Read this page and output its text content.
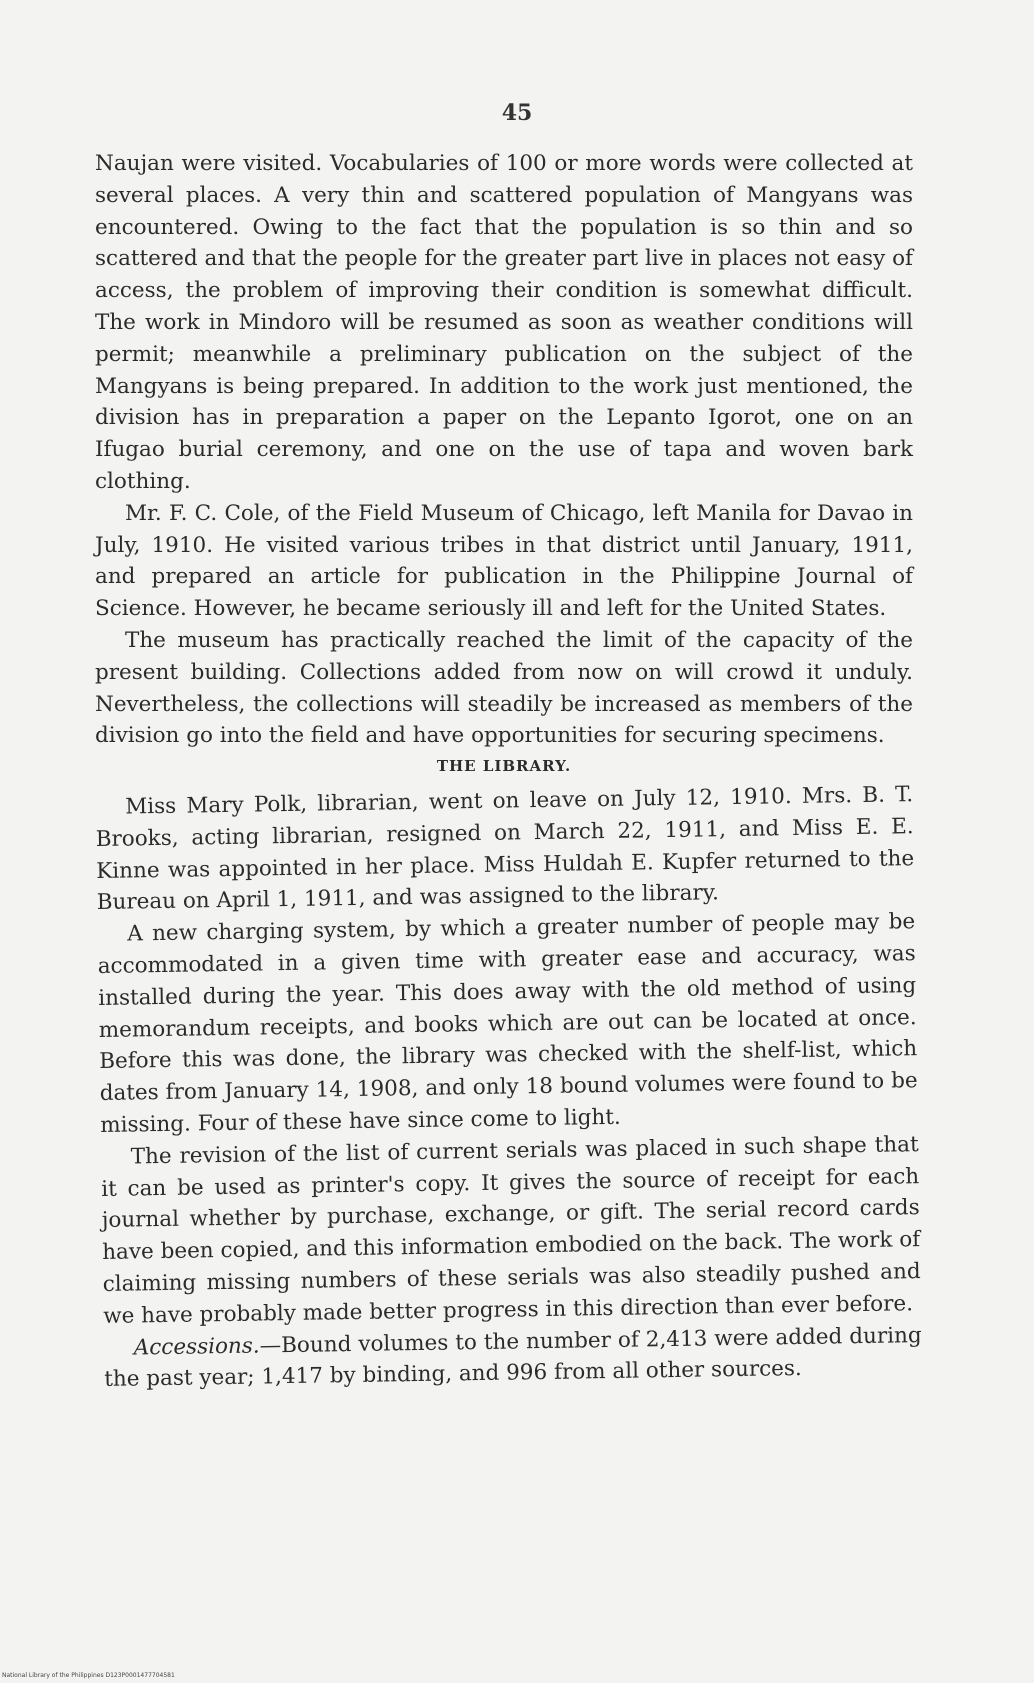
45

Naujan were visited. Vocabularies of 100 or more words were collected at several places. A very thin and scattered population of Mangyans was encountered. Owing to the fact that the population is so thin and so scattered and that the people for the greater part live in places not easy of access, the problem of improving their condition is somewhat difficult. The work in Mindoro will be resumed as soon as weather conditions will permit; meanwhile a preliminary publication on the subject of the Mangyans is being prepared. In addition to the work just mentioned, the division has in preparation a paper on the Lepanto Igorot, one on an Ifugao burial ceremony, and one on the use of tapa and woven bark clothing.

Mr. F. C. Cole, of the Field Museum of Chicago, left Manila for Davao in July, 1910. He visited various tribes in that district until January, 1911, and prepared an article for publication in the Philippine Journal of Science. However, he became seriously ill and left for the United States.

The museum has practically reached the limit of the capacity of the present building. Collections added from now on will crowd it unduly. Nevertheless, the collections will steadily be increased as members of the division go into the field and have opportunities for securing specimens.

THE LIBRARY.

Miss Mary Polk, librarian, went on leave on July 12, 1910. Mrs. B. T. Brooks, acting librarian, resigned on March 22, 1911, and Miss E. E. Kinne was appointed in her place. Miss Huldah E. Kupfer returned to the Bureau on April 1, 1911, and was assigned to the library.

A new charging system, by which a greater number of people may be accommodated in a given time with greater ease and accuracy, was installed during the year. This does away with the old method of using memorandum receipts, and books which are out can be located at once. Before this was done, the library was checked with the shelf-list, which dates from January 14, 1908, and only 18 bound volumes were found to be missing. Four of these have since come to light.

The revision of the list of current serials was placed in such shape that it can be used as printer's copy. It gives the source of receipt for each journal whether by purchase, exchange, or gift. The serial record cards have been copied, and this information embodied on the back. The work of claiming missing numbers of these serials was also steadily pushed and we have probably made better progress in this direction than ever before.

Accessions.—Bound volumes to the number of 2,413 were added during the past year; 1,417 by binding, and 996 from all other sources.

National Library of the Philippines D123P0001477704581
